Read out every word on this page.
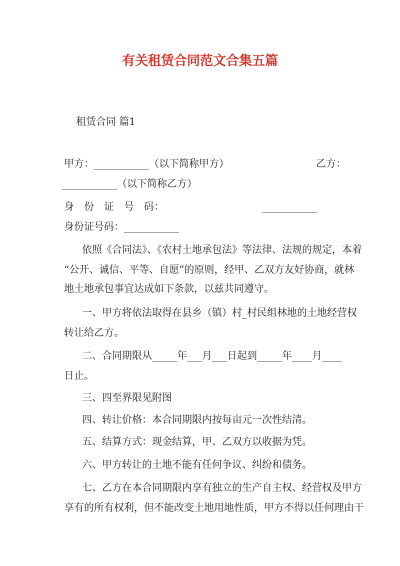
有关租赁合同范文合集五篇
租赁合同 篇1
甲方：___________（以下简称甲方）	乙方：
___________（以下简称乙方）
身　份　证　号　码：	___________
身份证号码：___________
依照《合同法》、《农村土地承包法》等法律、法规的规定，本着
“公开、诚信、平等、自愿”的原则，经甲、乙双方友好协商，就林
地土地承包事宜达成如下条款，以兹共同遵守。
一、甲方将依法取得在县乡（镇）村_村民组林地的土地经营权
转让给乙方。
二、合同期限从_____年___月___日起到_____年____月____
日止。
三、四至界限见附图
四、转让价格：本合同期限内按每亩元一次性结清。
五、结算方式：现金结算，甲、乙双方以收据为凭。
六、甲方转让的土地不能有任何争议、纠纷和债务。
七、乙方在本合同期限内享有独立的生产自主权、经营权及甲方
享有的所有权利，但不能改变土地用地性质，甲方不得以任何理由干
